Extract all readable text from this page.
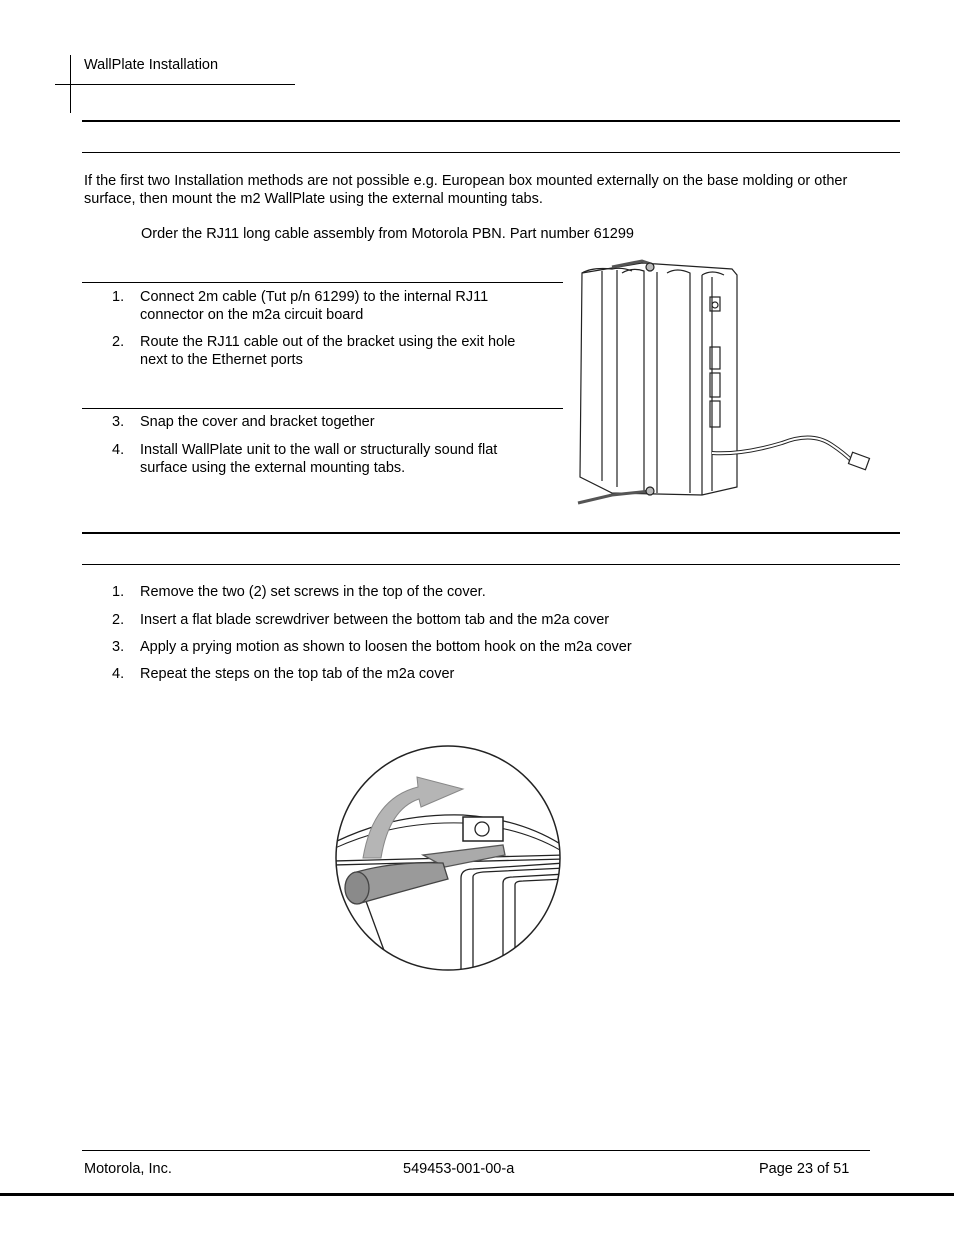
WallPlate Installation
If the first two Installation methods are not possible e.g. European box mounted externally on the base molding or other surface, then mount the m2 WallPlate using the external mounting tabs.
Order the RJ11 long cable assembly from Motorola PBN. Part number 61299
1.	Connect 2m cable (Tut p/n 61299) to the internal RJ11
connector on the m2a circuit board
2.	Route the RJ11 cable out of the bracket using the exit hole
next to the Ethernet ports
3.	Snap the cover and bracket together
4.	Install WallPlate unit to the wall or structurally sound flat
surface using the external mounting tabs.
1.	Remove the two (2) set screws in the top of the cover.
2.	Insert a flat blade screwdriver between the bottom tab and the m2a cover
3.	Apply a prying motion as shown to loosen the bottom hook on the m2a cover
4.	Repeat the steps on the top tab of the m2a cover
Motorola, Inc.	549453-001-00-a	Page 23 of 51
